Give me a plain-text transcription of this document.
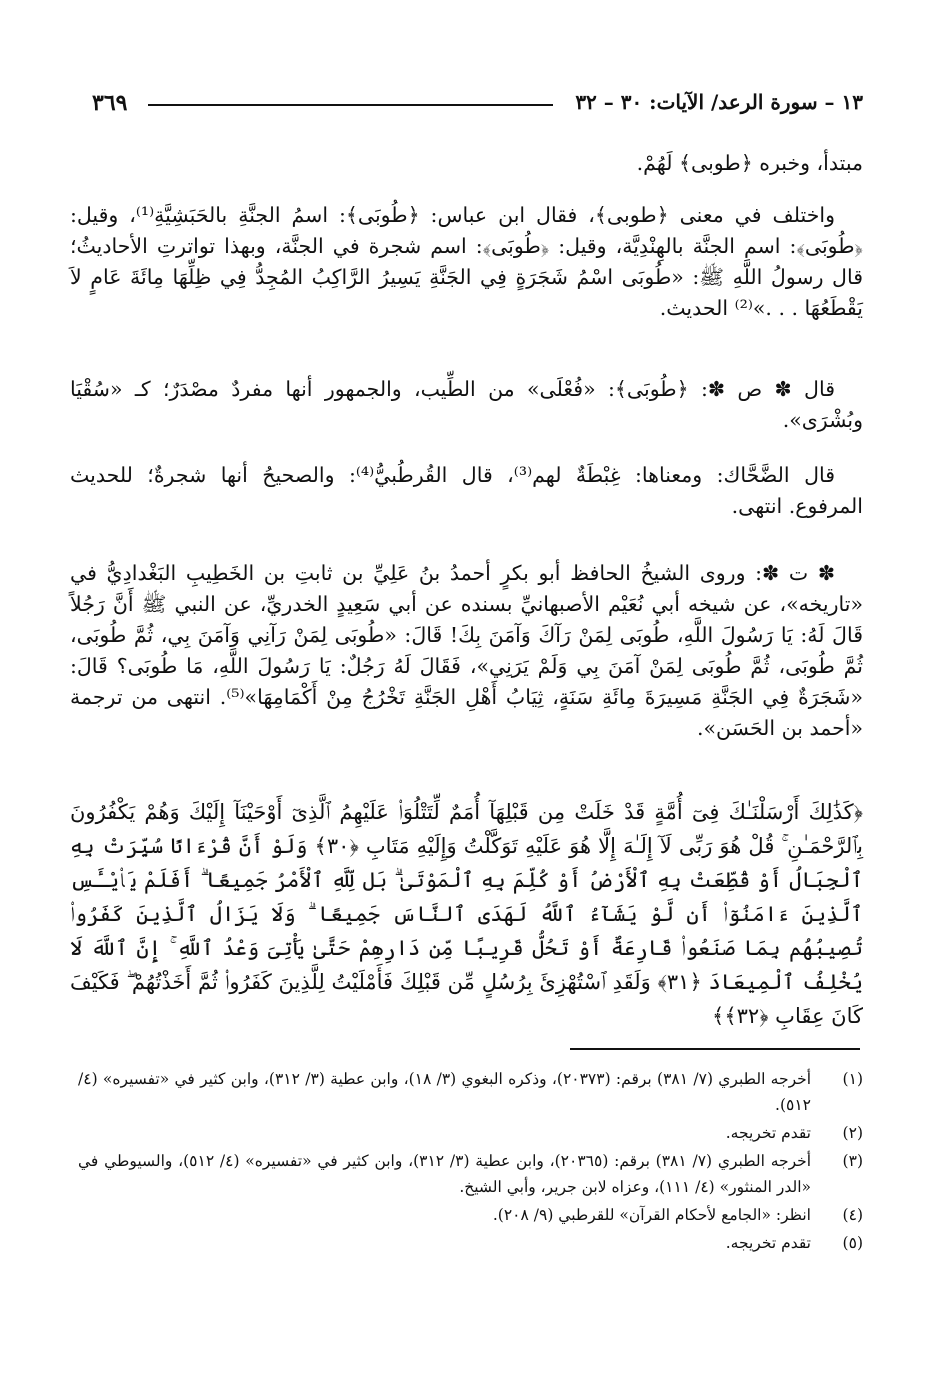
٣٦٩	١٣ – سورة الرعد/ الآيات: ٣٠ – ٣٢

مبتدأ، وخبره ﴿طوبى﴾ لَهُمْ.

واختلف في معنى ﴿طوبى﴾، فقال ابن عباس: ﴿طُوبَى﴾: اسمُ الجنَّةِ بالحَبَشِيَّةِ⁽¹⁾، وقيل: ﴿طُوبَى﴾: اسم الجنَّة بالهِنْدِيَّة، وقيل: ﴿طُوبَى﴾: اسم شجرة في الجنَّة، وبهذا تواترتِ الأحاديثُ؛ قال رسولُ اللَّهِ ﷺ: «طُوبَى اسْمُ شَجَرَةٍ فِي الجَنَّةِ يَسِيرُ الرَّاكِبُ المُجِدُّ فِي ظِلِّهَا مِائَةَ عَامٍ لاَ يَقْطَعُهَا . . .»⁽²⁾ الحديث.

قال ✽ ص ✽: ﴿طُوبَى﴾: «فُعْلَى» من الطِّيب، والجمهور أنها مفردٌ مصْدَرٌ؛ كـ «سُقْيَا وبُشْرَى».

قال الضَّحَّاك: ومعناها: غِبْطَةٌ لهم⁽³⁾، قال القُرطُبيُّ⁽⁴⁾: والصحيحُ أنها شجرةٌ؛ للحديث المرفوع. انتهى.

✽ ت ✽: وروى الشيخُ الحافظ أبو بكرٍ أحمدُ بنُ عَلِيِّ بن ثابتِ بن الخَطِيبِ البَغْدادِيُّ في «تاريخه»، عن شيخه أبي نُعَيْم الأصبهانيِّ بسنده عن أبي سَعِيدٍ الخدريِّ، عن النبي ﷺ أَنَّ رَجُلاً قَالَ لَهُ: يَا رَسُولَ اللَّهِ، طُوبَى لِمَنْ رَآكَ وَآمَنَ بِكَ! قَالَ: «طُوبَى لِمَنْ رَآنِي وَآمَنَ بِي، ثُمَّ طُوبَى، ثُمَّ طُوبَى، ثُمَّ طُوبَى لِمَنْ آمَنَ بِي وَلَمْ يَرَنِي»، فَقَالَ لَهُ رَجُلٌ: يَا رَسُولَ اللَّهِ، مَا طُوبَى؟ قَالَ: «شَجَرَةٌ فِي الجَنَّةِ مَسِيرَةَ مِائَةِ سَنَةٍ، ثِيَابُ أَهْلِ الجَنَّةِ تَخْرُجُ مِنْ أَكْمَامِهَا»⁽⁵⁾. انتهى من ترجمة «أحمد بن الحَسَن».

﴿كَذَٰلِكَ أَرْسَلْنَـٰكَ فِىٓ أُمَّةٍ قَدْ خَلَتْ مِن قَبْلِهَآ أُمَمٌ لِّتَتْلُوَا۟ عَلَيْهِمُ ٱلَّذِىٓ أَوْحَيْنَآ إِلَيْكَ وَهُمْ يَكْفُرُونَ بِٱلرَّحْمَـٰنِ ۚ قُلْ هُوَ رَبِّى لَآ إِلَـٰهَ إِلَّا هُوَ عَلَيْهِ تَوَكَّلْتُ وَإِلَيْهِ مَتَابِ ﴿٣٠﴾ وَلَوْ أَنَّ قُرْءَانًا سُيِّرَتْ بِهِ ٱلْجِبَالُ أَوْ قُطِّعَتْ بِهِ ٱلْأَرْضُ أَوْ كُلِّمَ بِهِ ٱلْمَوْتَىٰ ۗ بَل لِّلَّهِ ٱلْأَمْرُ جَمِيعًا ۗ أَفَلَمْ يَا۟يْـَٔسِ ٱلَّذِينَ ءَامَنُوٓا۟ أَن لَّوْ يَشَآءُ ٱللَّهُ لَهَدَى ٱلنَّاسَ جَمِيعًا ۗ وَلَا يَزَالُ ٱلَّذِينَ كَفَرُوا۟ تُصِيبُهُم بِمَا صَنَعُوا۟ قَارِعَةٌ أَوْ تَحُلُّ قَرِيبًا مِّن دَارِهِمْ حَتَّىٰ يَأْتِىَ وَعْدُ ٱللَّهِ ۚ إِنَّ ٱللَّهَ لَا يُخْلِفُ ٱلْمِيعَادَ ﴿٣١﴾ وَلَقَدِ ٱسْتُهْزِئَ بِرُسُلٍ مِّن قَبْلِكَ فَأَمْلَيْتُ لِلَّذِينَ كَفَرُوا۟ ثُمَّ أَخَذْتُهُمْ ۖ فَكَيْفَ كَانَ عِقَابِ ﴿٣٢﴾﴾

(١)
أخرجه الطبري (٧/ ٣٨١) برقم: (٢٠٣٧٣)، وذكره البغوي (٣/ ١٨)، وابن عطية (٣/ ٣١٢)، وابن كثير في «تفسيره» (٤/ ٥١٢).
(٢)
تقدم تخريجه.
(٣)
أخرجه الطبري (٧/ ٣٨١) برقم: (٢٠٣٦٥)، وابن عطية (٣/ ٣١٢)، وابن كثير في «تفسيره» (٤/ ٥١٢)، والسيوطي في «الدر المنثور» (٤/ ١١١)، وعزاه لابن جرير، وأبي الشيخ.
(٤)
انظر: «الجامع لأحكام القرآن» للقرطبي (٩/ ٢٠٨).
(٥)
تقدم تخريجه.
